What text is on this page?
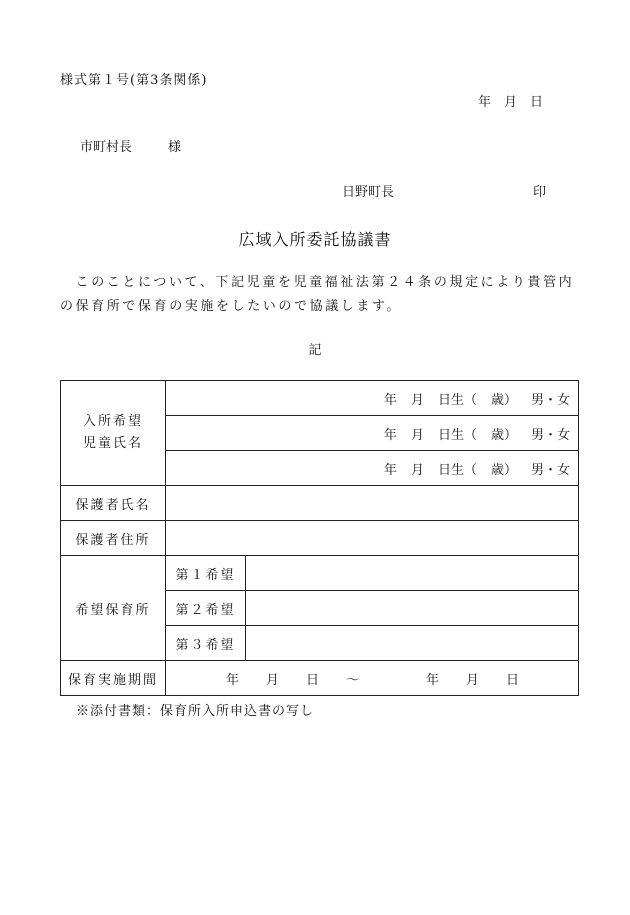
様式第１号(第3条関係)
年　月　日
市町村長	様
日野町長	印
広域入所委託協議書
　このことについて、下記児童を児童福祉法第２４条の規定により貴管内の保育所で保育の実施をしたいので協議します。
記
入所希望
児童氏名	年 月 日生（ 歳） 男・女	
	年 月 日生（ 歳） 男・女	
	年 月 日生（ 歳） 男・女	
保護者氏名		
保護者住所		
希望保育所	第１希望	
	第２希望	
	第３希望	
保育実施期間	年 月 日 ～ 年 月 日	
※添付書類：保育所入所申込書の写し
